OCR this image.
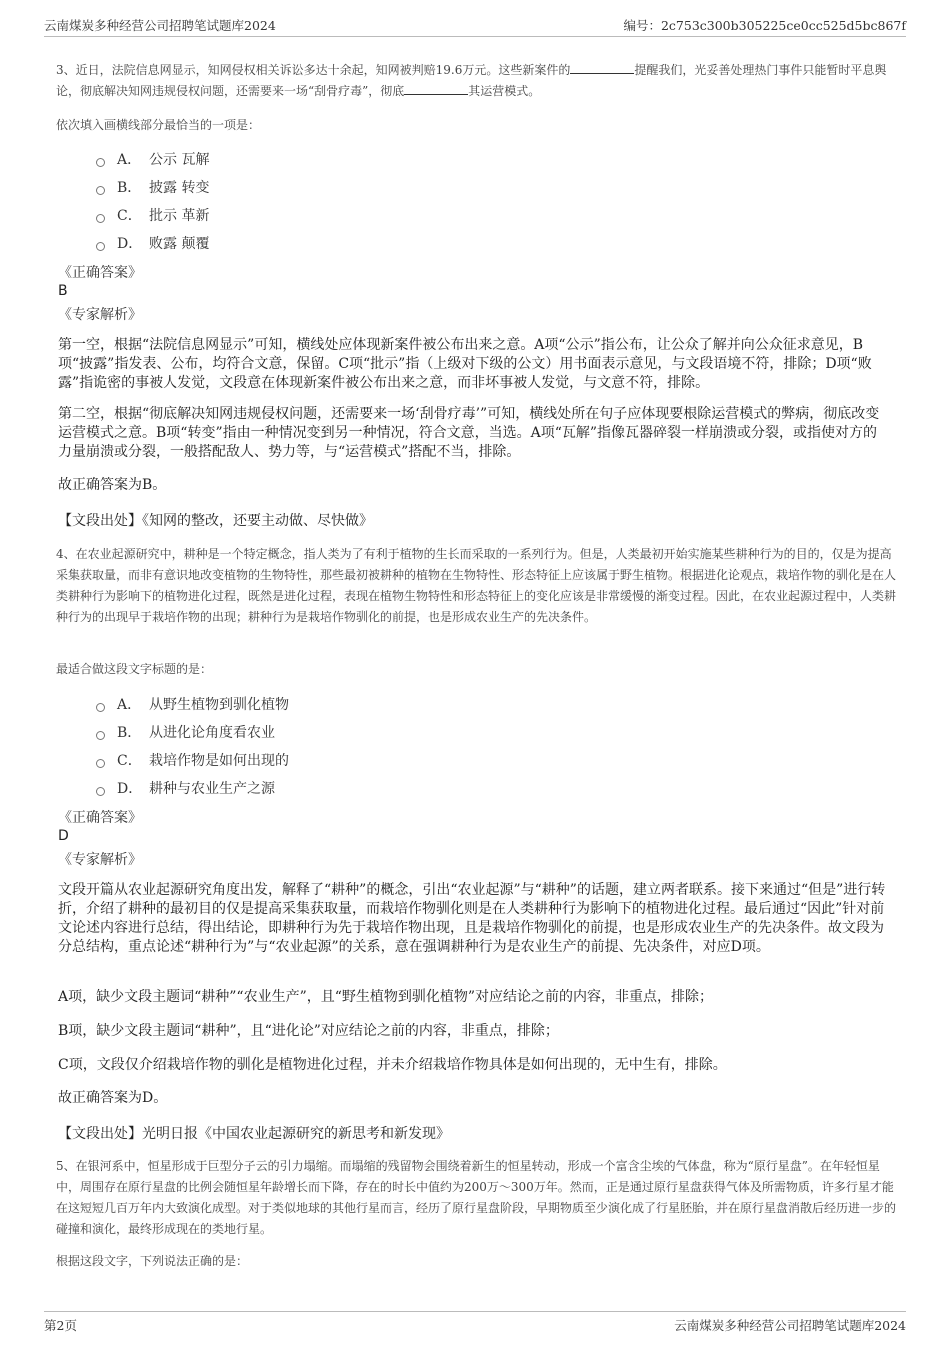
云南煤炭多种经营公司招聘笔试题库2024	编号：2c753c300b305225ce0cc525d5bc867f
3、近日，法院信息网显示，知网侵权相关诉讼多达十余起，知网被判赔19.6万元。这些新案件的	提醒我们，光妥善处理热门事件只能暂时平息舆论，彻底解决知网违规侵权问题，还需要来一场“刮骨疗毒”，彻底	其运营模式。
依次填入画横线部分最恰当的一项是：
A． 公示 瓦解
B． 披露 转变
C． 批示 革新
D． 败露 颠覆
《正确答案》
B
《专家解析》
第一空，根据“法院信息网显示”可知，横线处应体现新案件被公布出来之意。A项“公示”指公布，让公众了解并向公众征求意见，B项“披露”指发表、公布，均符合文意，保留。C项“批示”指（上级对下级的公文）用书面表示意见，与文段语境不符，排除；D项“败露”指诡密的事被人发觉，文段意在体现新案件被公布出来之意，而非坏事被人发觉，与文意不符，排除。
第二空，根据“彻底解决知网违规侵权问题，还需要来一场‘刮骨疗毒’”可知，横线处所在句子应体现要根除运营模式的弊病，彻底改变运营模式之意。B项“转变”指由一种情况变到另一种情况，符合文意，当选。A项“瓦解”指像瓦器碎裂一样崩溃或分裂，或指使对方的力量崩溃或分裂，一般搭配敌人、势力等，与“运营模式”搭配不当，排除。
故正确答案为B。
【文段出处】《知网的整改，还要主动做、尽快做》
4、在农业起源研究中，耕种是一个特定概念，指人类为了有利于植物的生长而采取的一系列行为。但是，人类最初开始实施某些耕种行为的目的，仅是为提高采集获取量，而非有意识地改变植物的生物特性，那些最初被耕种的植物在生物特性、形态特征上应该属于野生植物。根据进化论观点，栽培作物的驯化是在人类耕种行为影响下的植物进化过程，既然是进化过程，表现在植物生物特性和形态特征上的变化应该是非常缓慢的渐变过程。因此，在农业起源过程中，人类耕种行为的出现早于栽培作物的出现；耕种行为是栽培作物驯化的前提，也是形成农业生产的先决条件。
最适合做这段文字标题的是：
A． 从野生植物到驯化植物
B． 从进化论角度看农业
C． 栽培作物是如何出现的
D． 耕种与农业生产之源
《正确答案》
D
《专家解析》
文段开篇从农业起源研究角度出发，解释了“耕种”的概念，引出“农业起源”与“耕种”的话题，建立两者联系。接下来通过“但是”进行转折，介绍了耕种的最初目的仅是提高采集获取量，而栽培作物驯化则是在人类耕种行为影响下的植物进化过程。最后通过“因此”针对前文论述内容进行总结，得出结论，即耕种行为先于栽培作物出现，且是栽培作物驯化的前提，也是形成农业生产的先决条件。故文段为分总结构，重点论述“耕种行为”与“农业起源”的关系，意在强调耕种行为是农业生产的前提、先决条件，对应D项。
A项，缺少文段主题词“耕种”“农业生产”，且“野生植物到驯化植物”对应结论之前的内容，非重点，排除；
B项，缺少文段主题词“耕种”，且“进化论”对应结论之前的内容，非重点，排除；
C项，文段仅介绍栽培作物的驯化是植物进化过程，并未介绍栽培作物具体是如何出现的，无中生有，排除。
故正确答案为D。
【文段出处】光明日报《中国农业起源研究的新思考和新发现》
5、在银河系中，恒星形成于巨型分子云的引力塌缩。而塌缩的残留物会围绕着新生的恒星转动，形成一个富含尘埃的气体盘，称为“原行星盘”。在年轻恒星中，周围存在原行星盘的比例会随恒星年龄增长而下降，存在的时长中值约为200万～300万年。然而，正是通过原行星盘获得气体及所需物质，许多行星才能在这短短几百万年内大致演化成型。对于类似地球的其他行星而言，经历了原行星盘阶段，早期物质至少演化成了行星胚胎，并在原行星盘消散后经历进一步的碰撞和演化，最终形成现在的类地行星。
根据这段文字，下列说法正确的是：
第2页	云南煤炭多种经营公司招聘笔试题库2024
